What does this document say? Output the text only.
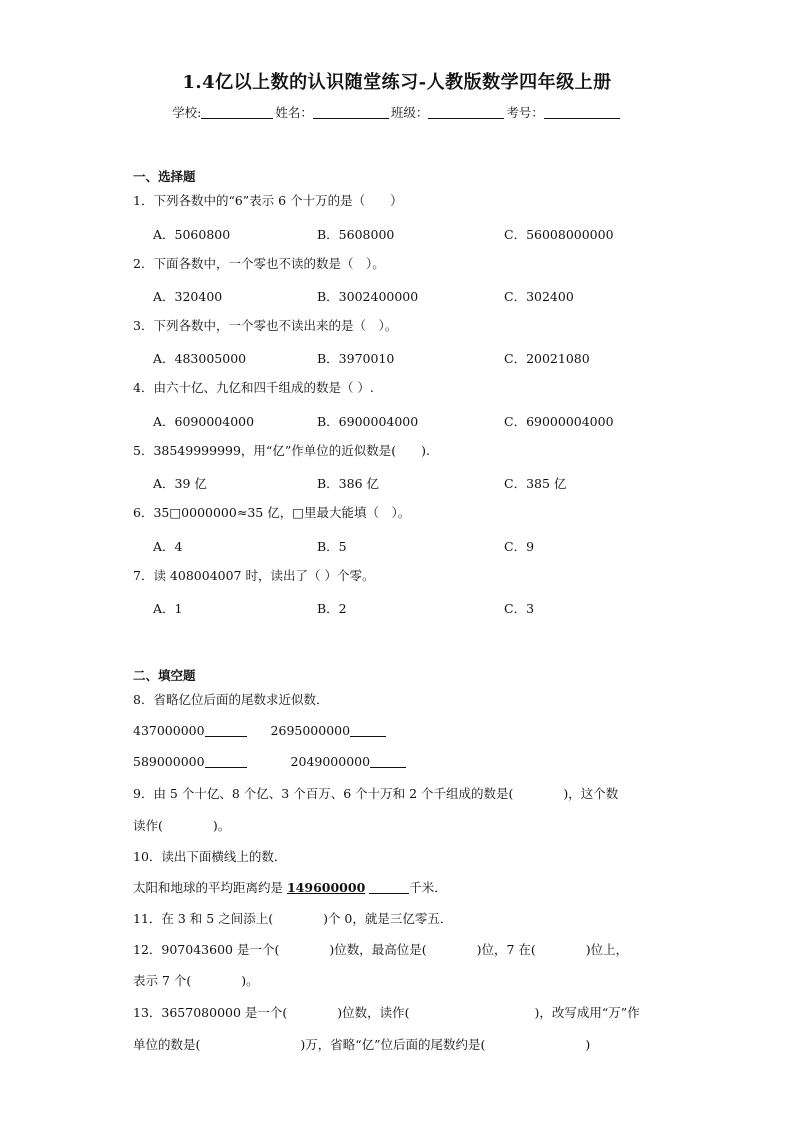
1.4亿以上数的认识随堂练习-人教版数学四年级上册
学校:	姓名：	班级：	考号：
一、选择题
1．下列各数中的“6”表示 6 个十万的是（　　）
A．5060800	B．5608000	C．56008000000
2．下面各数中，一个零也不读的数是（　）。
A．320400	B．3002400000	C．302400
3．下列各数中，一个零也不读出来的是（　）。
A．483005000	B．3970010	C．20021080
4．由六十亿、九亿和四千组成的数是（ ）.
A．6090004000	B．6900004000	C．69000004000
5．38549999999，用“亿”作单位的近似数是(　　).
A．39 亿	B．386 亿	C．385 亿
6．35□0000000≈35 亿，□里最大能填（　）。
A．4	B．5	C．9
7．读 408004007 时，读出了（ ）个零。
A．1	B．2	C．3
二、填空题
8．省略亿位后面的尾数求近似数．
437000000	2695000000
589000000	2049000000
9．由 5 个十亿、8 个亿、3 个百万、6 个十万和 2 个千组成的数是(　　　　)，这个数
读作(　　　　)。
10．读出下面横线上的数．
太阳和地球的平均距离约是 149600000	千米．
11．在 3 和 5 之间添上(　　　　)个 0，就是三亿零五．
12．907043600 是一个(　　　　)位数，最高位是(　　　　)位，7 在(　　　　)位上，
表示 7 个(　　　　)。
13．3657080000 是一个(　　　　)位数，读作(　　　　　　　　　　)，改写成用“万”作
单位的数是(　　　　　　　　)万，省略“亿”位后面的尾数约是(　　　　　　　　)
